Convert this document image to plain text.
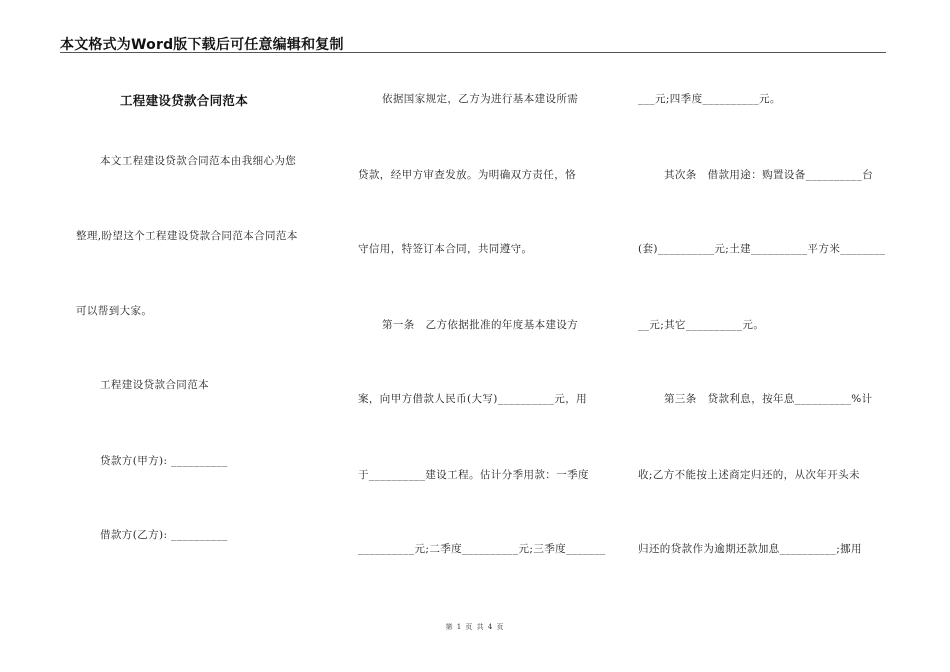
本文格式为Word版下载后可任意编辑和复制
工程建设贷款合同范本
本文工程建设贷款合同范本由我细心为您
整理,盼望这个工程建设贷款合同范本合同范本
可以帮到大家。
工程建设贷款合同范本
贷款方(甲方): __________
借款方(乙方): __________
依据国家规定，乙方为进行基本建设所需
贷款，经甲方审查发放。为明确双方责任，恪
守信用，特签订本合同，共同遵守。
第一条　乙方依据批准的年度基本建设方
案，向甲方借款人民币(大写)__________元，用
于__________建设工程。估计分季用款：一季度
__________元;二季度__________元;三季度_______
___元;四季度__________元。
其次条　借款用途：购置设备__________台
(套)__________元;土建__________平方米________
__元;其它__________元。
第三条　贷款利息，按年息__________%计
收;乙方不能按上述商定归还的，从次年开头未
归还的贷款作为逾期还款加息__________;挪用
第 1 页 共 4 页
